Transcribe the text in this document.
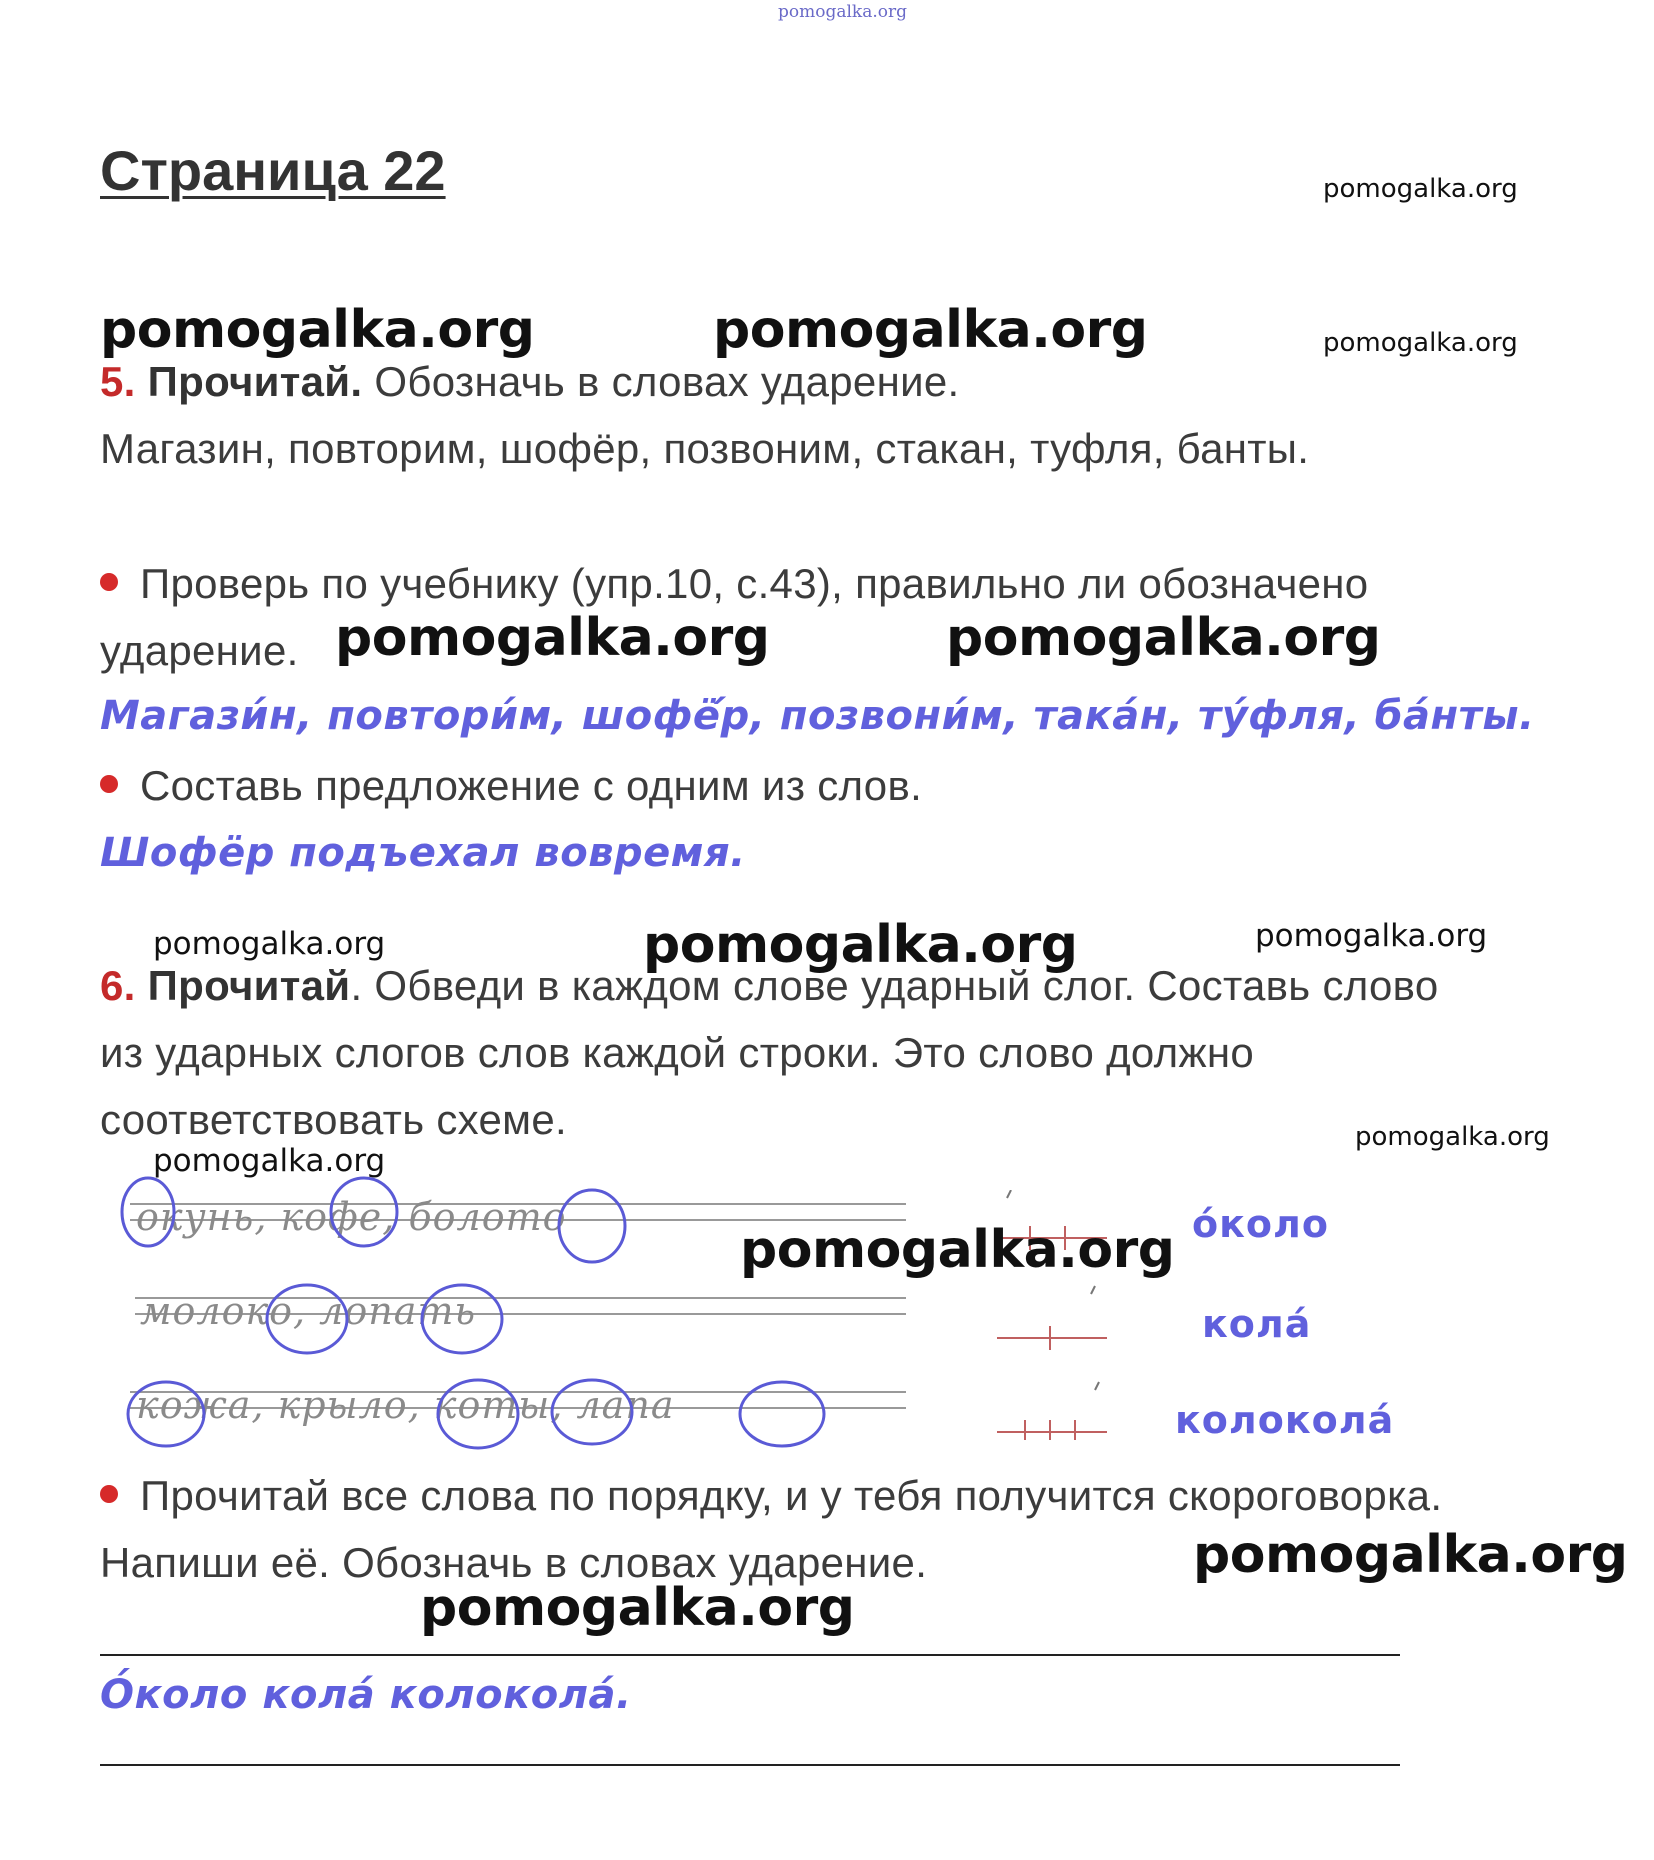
pomogalka.org
Страница 22	pomogalka.org
pomogalka.org	pomogalka.org	pomogalka.org
5. Прочитай. Обозначь в словах ударение.
Магазин, повторим, шофёр, позвоним, стакан, туфля, банты.
Проверь по учебнику (упр.10, с.43), правильно ли обозначено
ударение. pomogalka.org	pomogalka.org
Магази́н, повтори́м, шофё́р, позвони́м, така́н, ту́фля, ба́нты.
Составь предложение с одним из слов.
Шофёр подъехал вовремя.
pomogalka.org	pomogalka.org	pomogalka.org
6. Прочитай. Обведи в каждом слове ударный слог. Составь слово
из ударных слогов слов каждой строки. Это слово должно
соответствовать схеме.	pomogalka.org
pomogalka.org
окунь, кофе, болото
молоко, лопать
кожа, крыло, коты, лапа
pomogalka.org о́коло
кола́
колокола́
Прочитай все слова по порядку, и у тебя получится скороговорка.
Напиши её. Обозначь в словах ударение.	pomogalka.org
pomogalka.org
О́коло кола́ колокола́.
